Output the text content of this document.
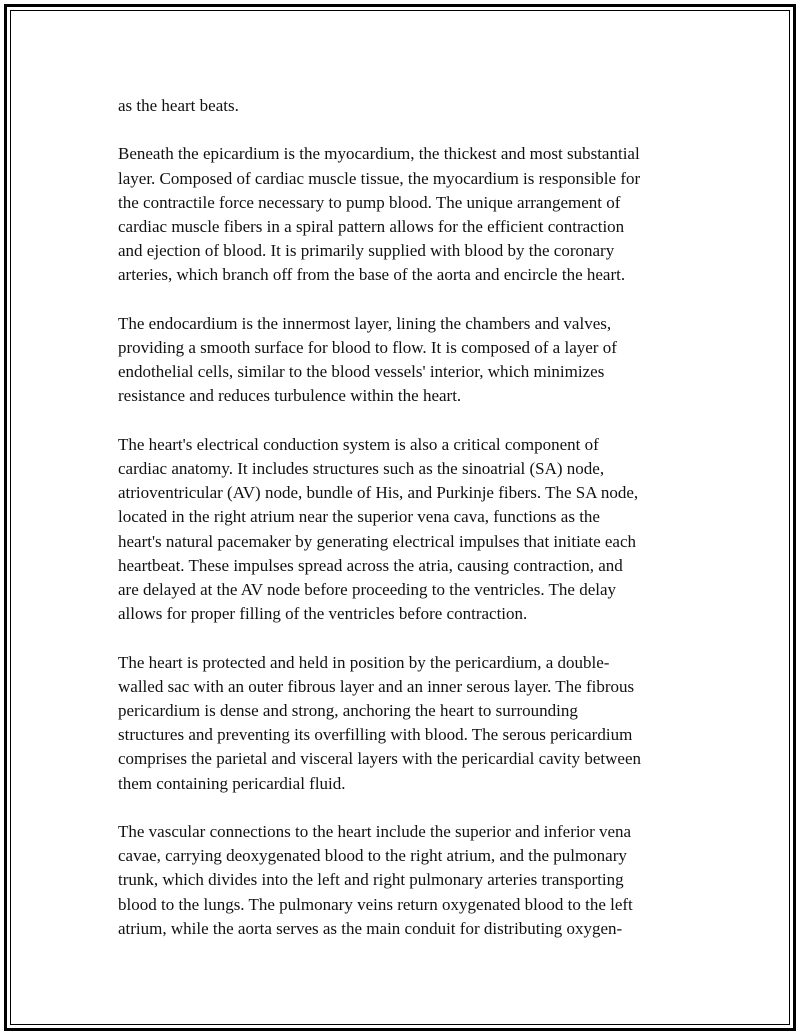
as the heart beats.

Beneath the epicardium is the myocardium, the thickest and most substantial
layer. Composed of cardiac muscle tissue, the myocardium is responsible for
the contractile force necessary to pump blood. The unique arrangement of
cardiac muscle fibers in a spiral pattern allows for the efficient contraction
and ejection of blood. It is primarily supplied with blood by the coronary
arteries, which branch off from the base of the aorta and encircle the heart.

The endocardium is the innermost layer, lining the chambers and valves,
providing a smooth surface for blood to flow. It is composed of a layer of
endothelial cells, similar to the blood vessels' interior, which minimizes
resistance and reduces turbulence within the heart.

The heart's electrical conduction system is also a critical component of
cardiac anatomy. It includes structures such as the sinoatrial (SA) node,
atrioventricular (AV) node, bundle of His, and Purkinje fibers. The SA node,
located in the right atrium near the superior vena cava, functions as the
heart's natural pacemaker by generating electrical impulses that initiate each
heartbeat. These impulses spread across the atria, causing contraction, and
are delayed at the AV node before proceeding to the ventricles. The delay
allows for proper filling of the ventricles before contraction.

The heart is protected and held in position by the pericardium, a double-
walled sac with an outer fibrous layer and an inner serous layer. The fibrous
pericardium is dense and strong, anchoring the heart to surrounding
structures and preventing its overfilling with blood. The serous pericardium
comprises the parietal and visceral layers with the pericardial cavity between
them containing pericardial fluid.

The vascular connections to the heart include the superior and inferior vena
cavae, carrying deoxygenated blood to the right atrium, and the pulmonary
trunk, which divides into the left and right pulmonary arteries transporting
blood to the lungs. The pulmonary veins return oxygenated blood to the left
atrium, while the aorta serves as the main conduit for distributing oxygen-
